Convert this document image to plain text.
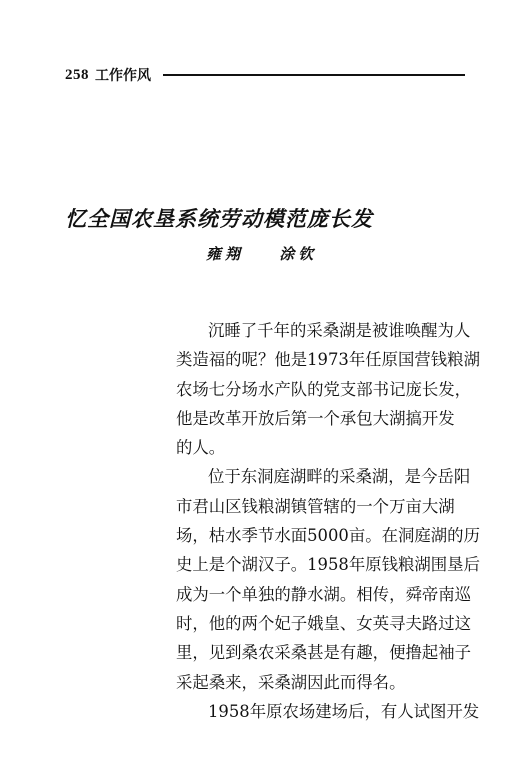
258 工作作风
忆全国农垦系统劳动模范庞长发
雍翔 涂钦

沉睡了千年的采桑湖是被谁唤醒为人
类造福的呢？他是1973年任原国营钱粮湖
农场七分场水产队的党支部书记庞长发，
他是改革开放后第一个承包大湖搞开发
的人。

位于东洞庭湖畔的采桑湖，是今岳阳
市君山区钱粮湖镇管辖的一个万亩大湖
场，枯水季节水面5000亩。在洞庭湖的历
史上是个湖汉子。1958年原钱粮湖围垦后
成为一个单独的静水湖。相传，舜帝南巡
时，他的两个妃子娥皇、女英寻夫路过这
里，见到桑农采桑甚是有趣，便撸起袖子
采起桑来，采桑湖因此而得名。

1958年原农场建场后，有人试图开发
